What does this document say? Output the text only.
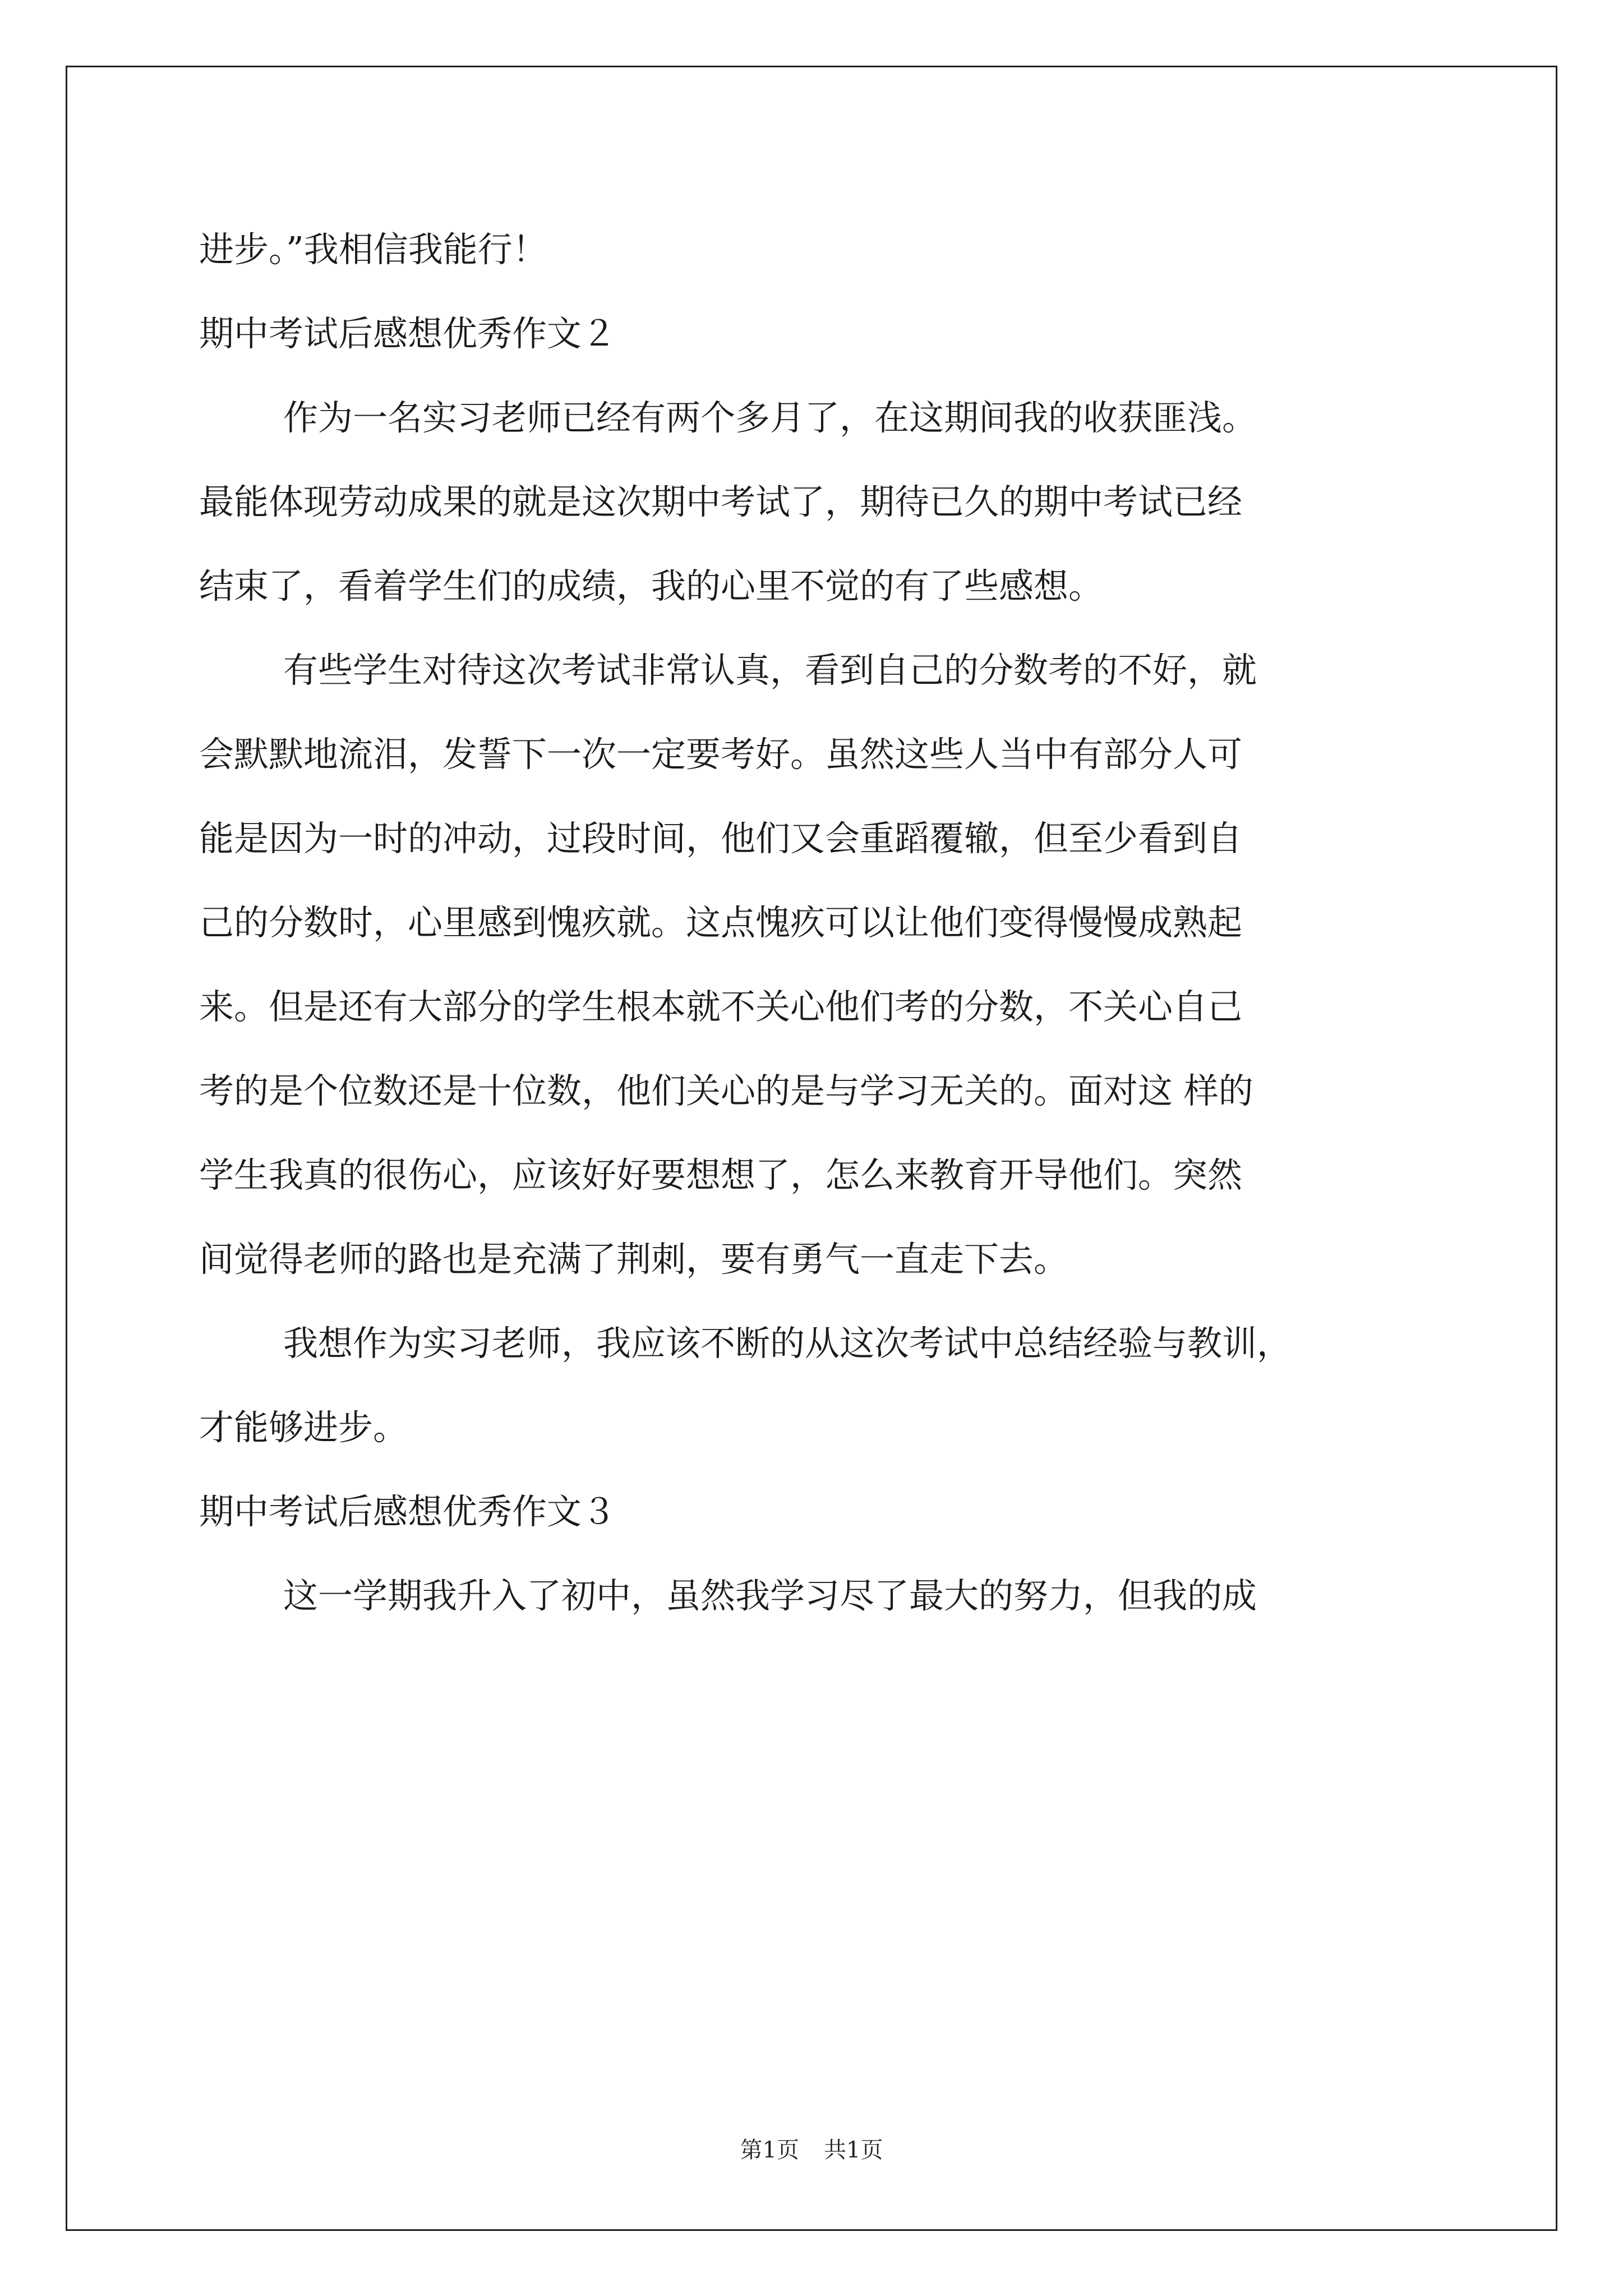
进步。”我相信我能行！
期中考试后感想优秀作文２
作为一名实习老师已经有两个多月了，在这期间我的收获匪浅。
最能体现劳动成果的就是这次期中考试了，期待已久的期中考试已经
结束了，看着学生们的成绩，我的心里不觉的有了些感想。
有些学生对待这次考试非常认真，看到自己的分数考的不好，就
会默默地流泪，发誓下一次一定要考好。虽然这些人当中有部分人可
能是因为一时的冲动，过段时间，他们又会重蹈覆辙，但至少看到自
己的分数时，心里感到愧疚就。这点愧疚可以让他们变得慢慢成熟起
来。但是还有大部分的学生根本就不关心他们考的分数，不关心自己
考的是个位数还是十位数，他们关心的是与学习无关的。面对这 样的
学生我真的很伤心，应该好好要想想了，怎么来教育开导他们。突然
间觉得老师的路也是充满了荆刺，要有勇气一直走下去。
我想作为实习老师，我应该不断的从这次考试中总结经验与教训，
才能够进步。
期中考试后感想优秀作文３
这一学期我升入了初中，虽然我学习尽了最大的努力，但我的成
第1页 共1页
